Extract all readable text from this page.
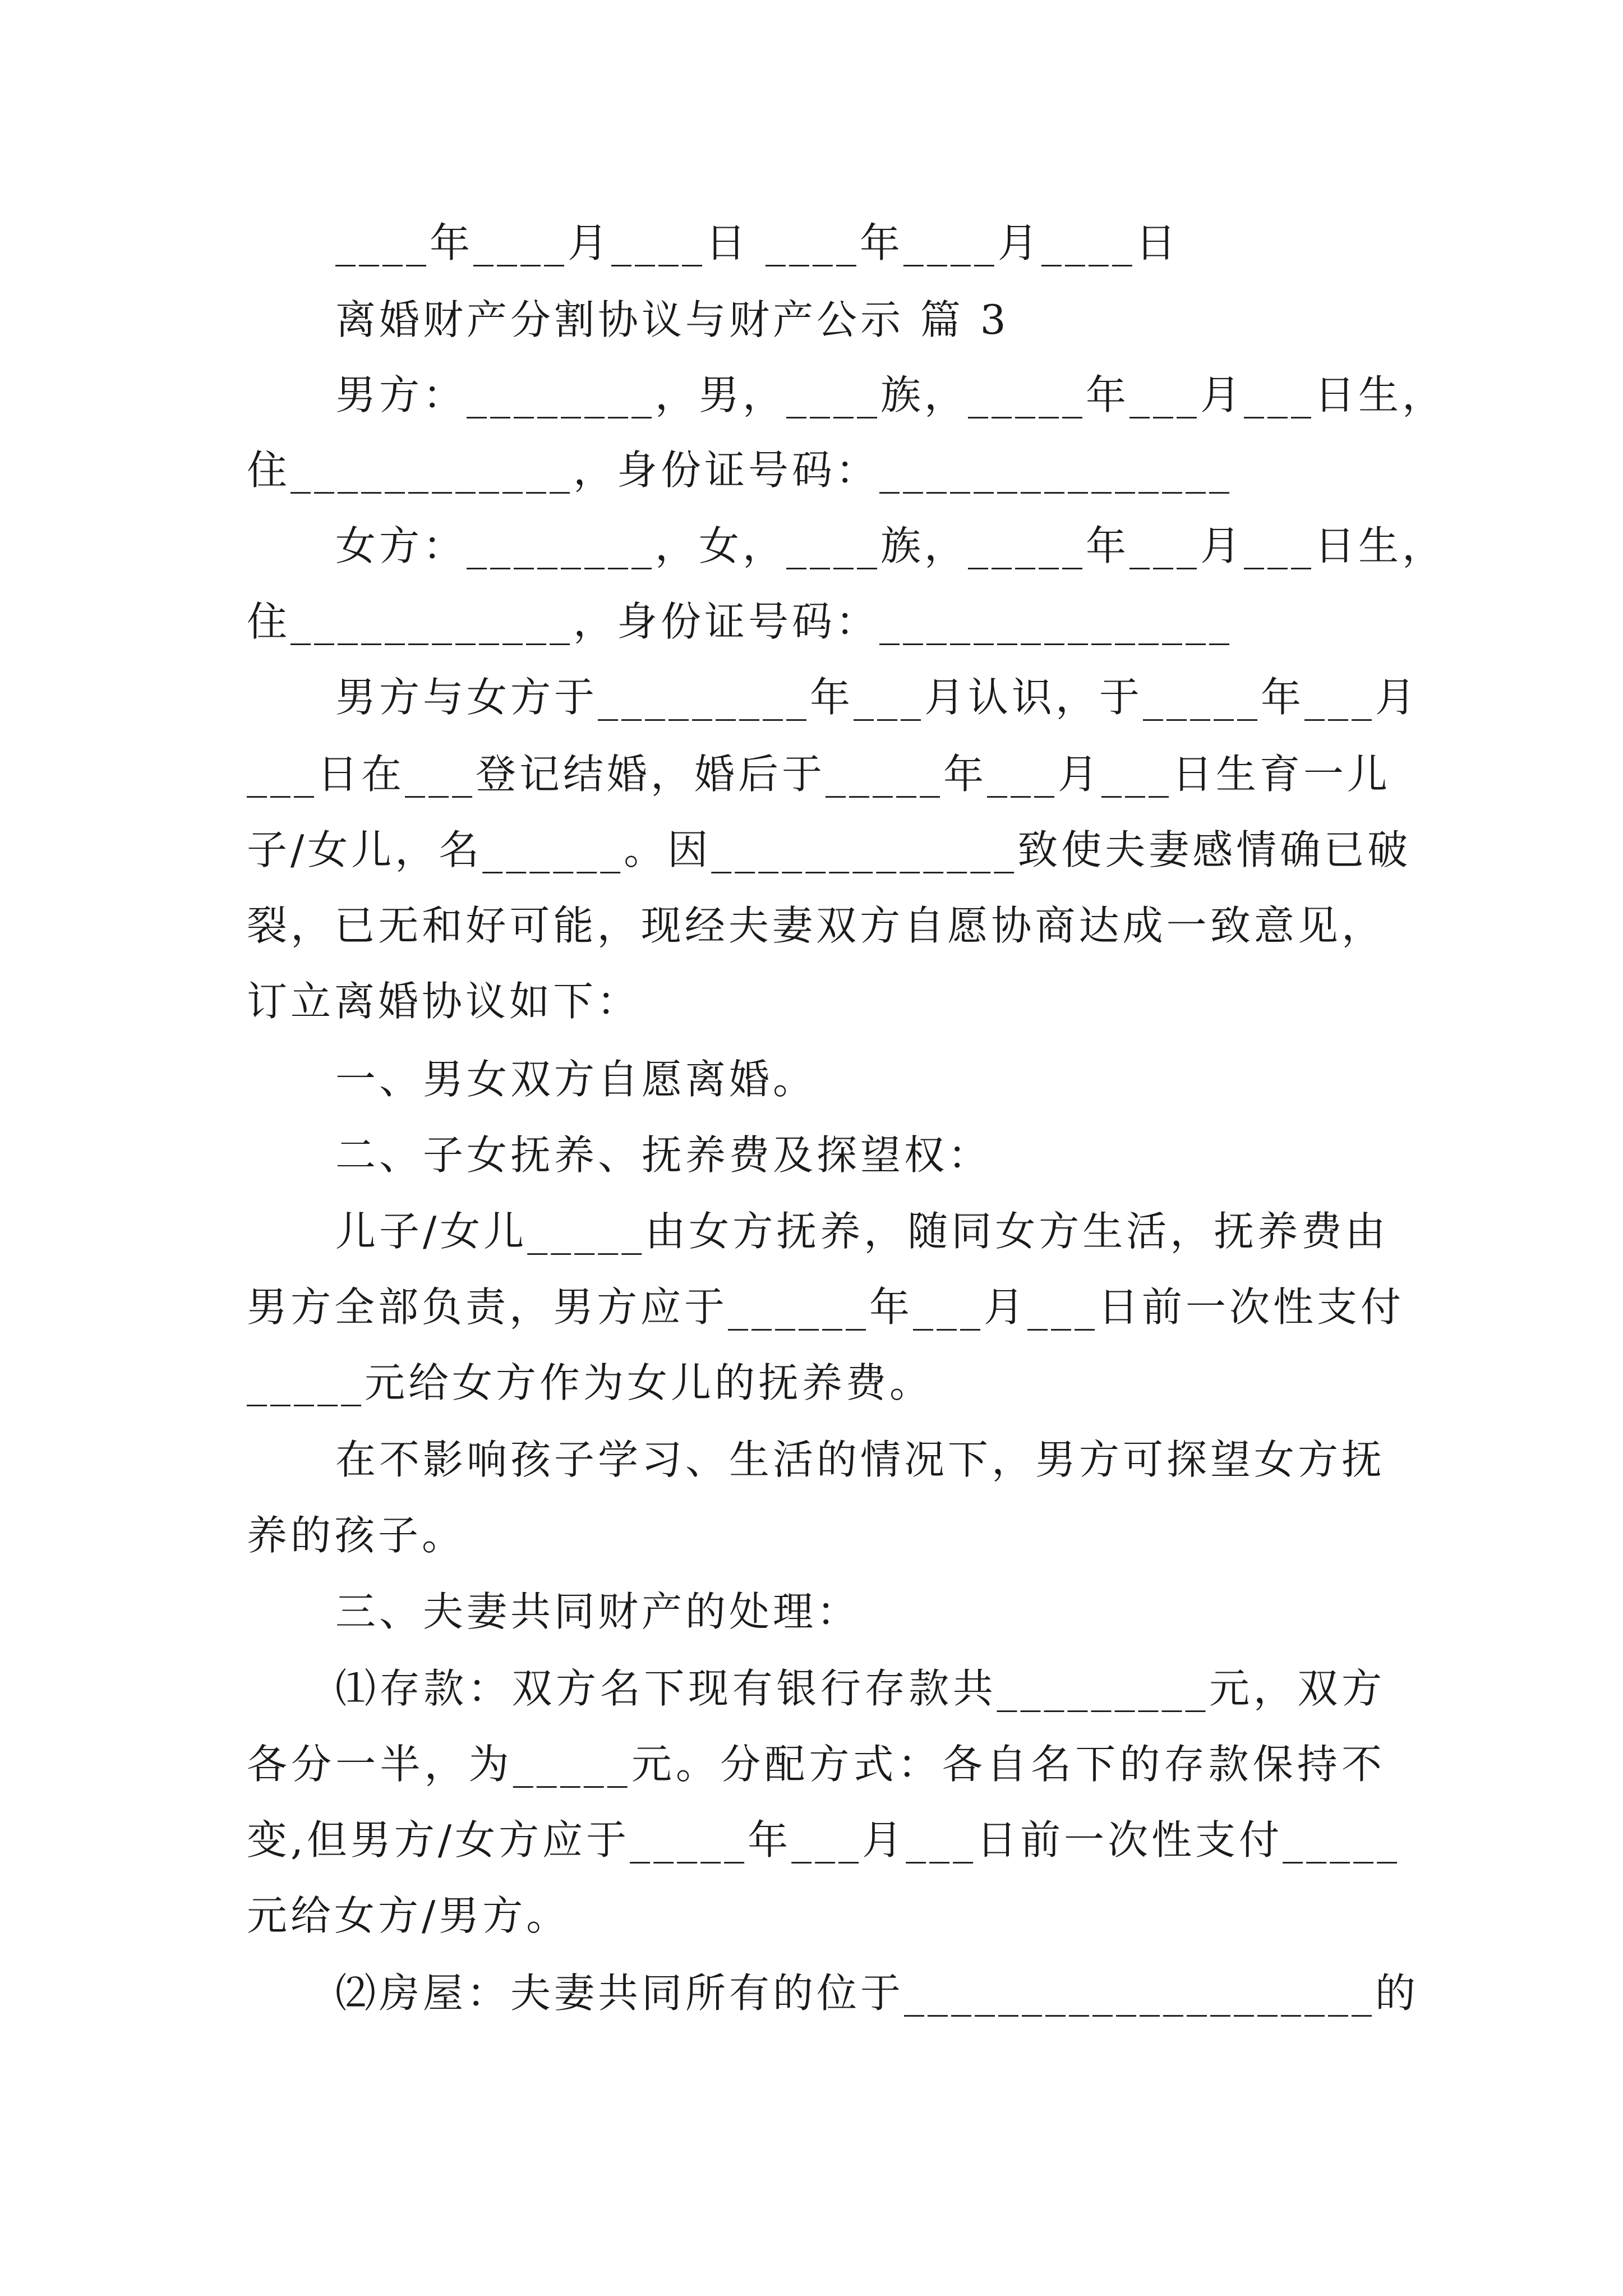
____年____月____日 ____年____月____日
离婚财产分割协议与财产公示 篇 3
男方：________，男，____族，_____年___月___日生，
住____________，身份证号码：_______________
女方：________，女，____族，_____年___月___日生，
住____________，身份证号码：_______________
男方与女方于_________年___月认识，于_____年___月
___日在___登记结婚，婚后于_____年___月___日生育一儿
子/女儿，名______。因_____________致使夫妻感情确已破
裂，已无和好可能，现经夫妻双方自愿协商达成一致意见，
订立离婚协议如下：
一、男女双方自愿离婚。
二、子女抚养、抚养费及探望权：
儿子/女儿_____由女方抚养，随同女方生活，抚养费由
男方全部负责，男方应于______年___月___日前一次性支付
_____元给女方作为女儿的抚养费。
在不影响孩子学习、生活的情况下，男方可探望女方抚
养的孩子。
三、夫妻共同财产的处理：
⑴存款：双方名下现有银行存款共_________元，双方
各分一半，为_____元。分配方式：各自名下的存款保持不
变,但男方/女方应于_____年___月___日前一次性支付_____
元给女方/男方。
⑵房屋：夫妻共同所有的位于____________________的
